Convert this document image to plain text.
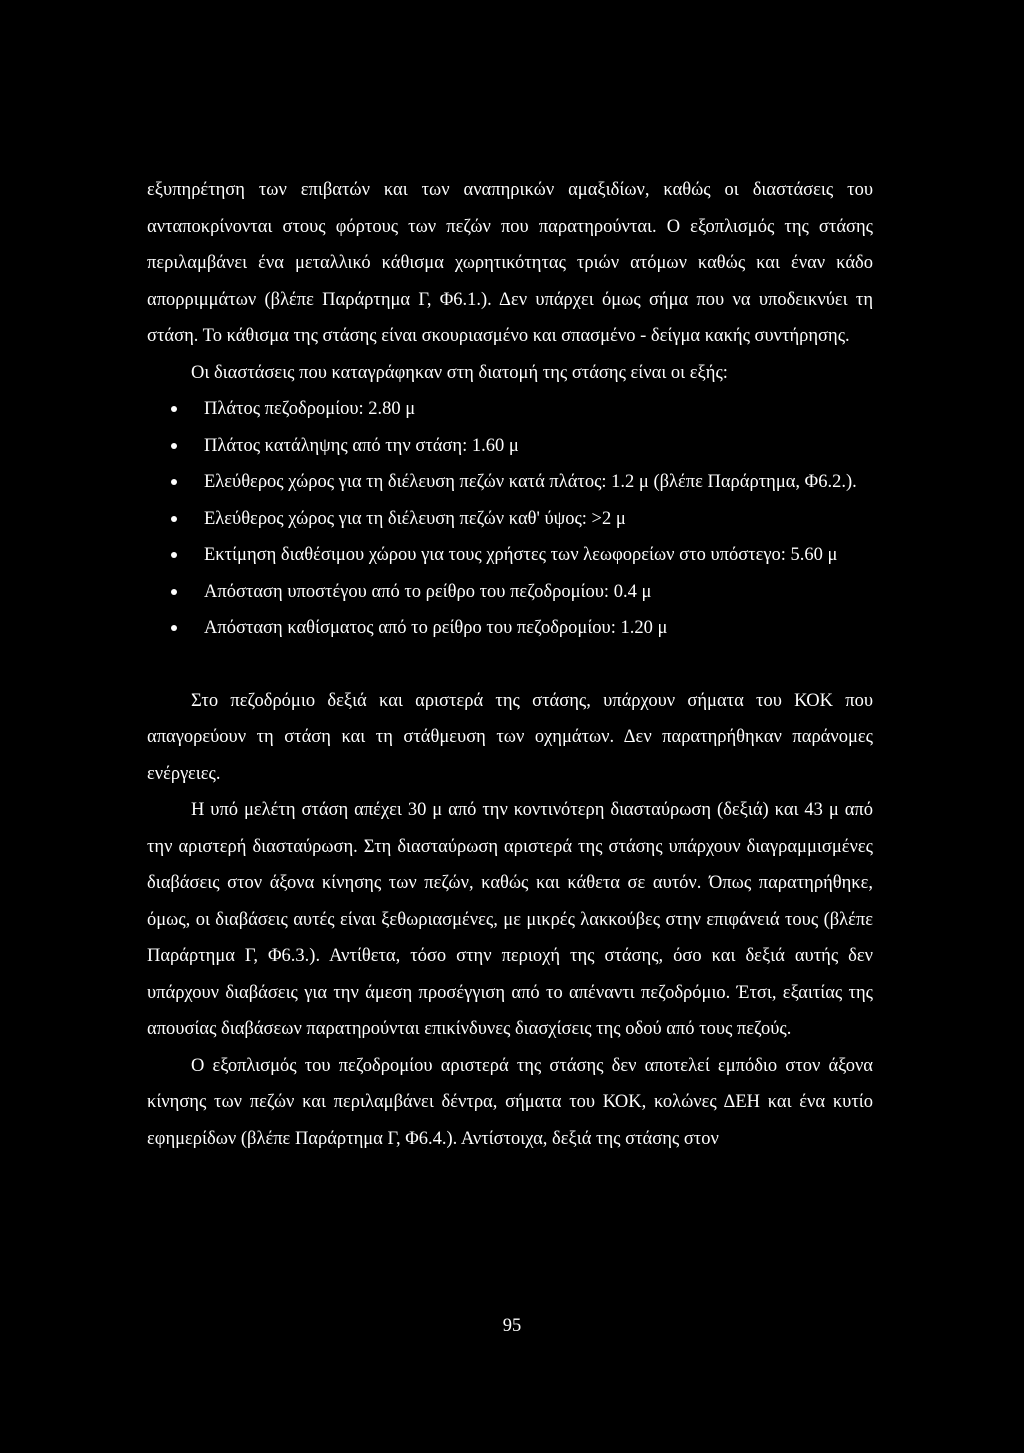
εξυπηρέτηση των επιβατών και των αναπηρικών αμαξιδίων, καθώς οι διαστάσεις του ανταποκρίνονται στους φόρτους των πεζών που παρατηρούνται. Ο εξοπλισμός της στάσης περιλαμβάνει ένα μεταλλικό κάθισμα χωρητικότητας τριών ατόμων καθώς και έναν κάδο απορριμμάτων (βλέπε Παράρτημα Γ, Φ6.1.). Δεν υπάρχει όμως σήμα που να υποδεικνύει τη στάση. Το κάθισμα της στάσης είναι σκουριασμένο και σπασμένο - δείγμα κακής συντήρησης.

Οι διαστάσεις που καταγράφηκαν στη διατομή της στάσης είναι οι εξής:

Πλάτος πεζοδρομίου: 2.80 μ
Πλάτος κατάληψης από την στάση: 1.60 μ
Ελεύθερος χώρος για τη διέλευση πεζών κατά πλάτος: 1.2 μ (βλέπε Παράρτημα, Φ6.2.).
Ελεύθερος χώρος για τη διέλευση πεζών καθ' ύψος: >2 μ
Εκτίμηση διαθέσιμου χώρου για τους χρήστες των λεωφορείων στο υπόστεγο: 5.60 μ
Απόσταση υποστέγου από το ρείθρο του πεζοδρομίου: 0.4 μ
Απόσταση καθίσματος από το ρείθρο του πεζοδρομίου: 1.20 μ

Στο πεζοδρόμιο δεξιά και αριστερά της στάσης, υπάρχουν σήματα του ΚΟΚ που απαγορεύουν τη στάση και τη στάθμευση των οχημάτων. Δεν παρατηρήθηκαν παράνομες ενέργειες.

Η υπό μελέτη στάση απέχει 30 μ από την κοντινότερη διασταύρωση (δεξιά) και 43 μ από την αριστερή διασταύρωση. Στη διασταύρωση αριστερά της στάσης υπάρχουν διαγραμμισμένες διαβάσεις στον άξονα κίνησης των πεζών, καθώς και κάθετα σε αυτόν. Όπως παρατηρήθηκε, όμως, οι διαβάσεις αυτές είναι ξεθωριασμένες, με μικρές λακκούβες στην επιφάνειά τους (βλέπε Παράρτημα Γ, Φ6.3.). Αντίθετα, τόσο στην περιοχή της στάσης, όσο και δεξιά αυτής δεν υπάρχουν διαβάσεις για την άμεση προσέγγιση από το απέναντι πεζοδρόμιο. Έτσι, εξαιτίας της απουσίας διαβάσεων παρατηρούνται επικίνδυνες διασχίσεις της οδού από τους πεζούς.

Ο εξοπλισμός του πεζοδρομίου αριστερά της στάσης δεν αποτελεί εμπόδιο στον άξονα κίνησης των πεζών και περιλαμβάνει δέντρα, σήματα του ΚΟΚ, κολώνες ΔΕΗ και ένα κυτίο εφημερίδων (βλέπε Παράρτημα Γ, Φ6.4.). Αντίστοιχα, δεξιά της στάσης στον

95
